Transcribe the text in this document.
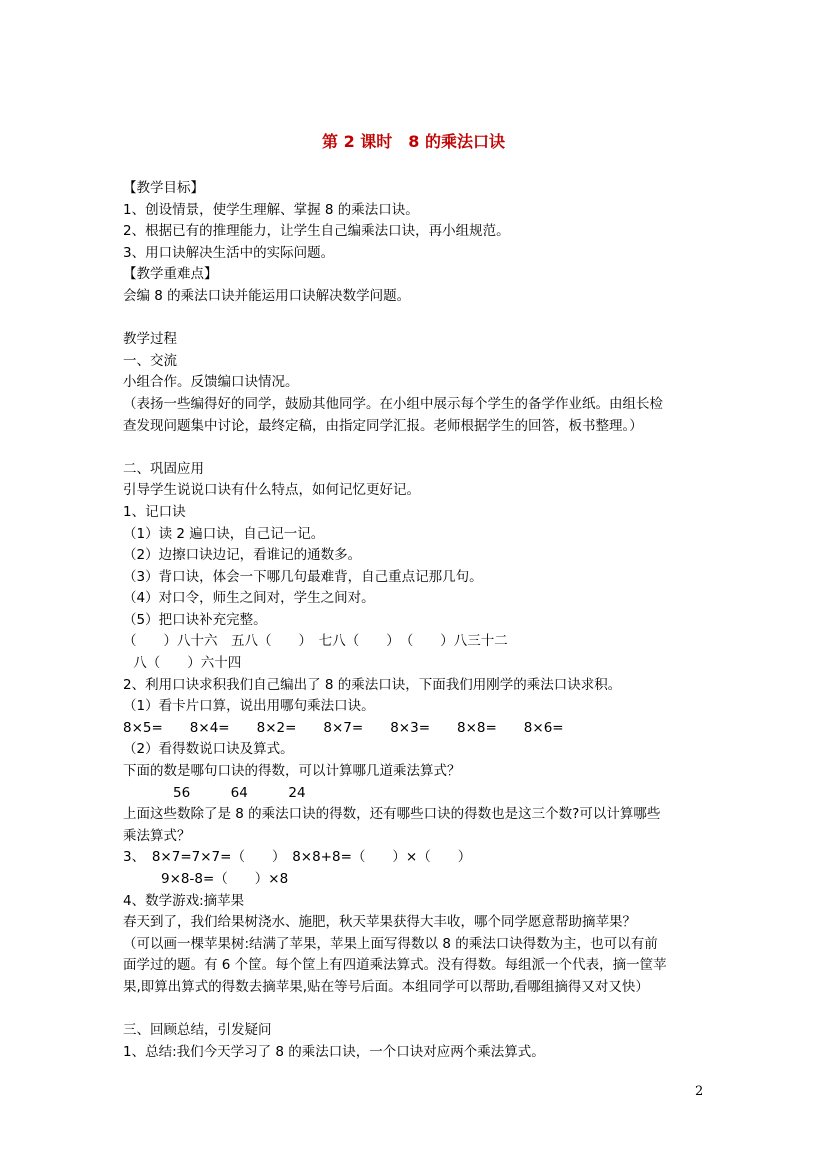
第 2 课时　8 的乘法口诀

【教学目标】

1、创设情景，使学生理解、掌握 8 的乘法口诀。

2、根据已有的推理能力，让学生自己编乘法口诀，再小组规范。

3、用口诀解决生活中的实际问题。

【教学重难点】

会编 8 的乘法口诀并能运用口诀解决数学问题。

教学过程

一、交流

小组合作。反馈编口诀情况。

（表扬一些编得好的同学，鼓励其他同学。在小组中展示每个学生的备学作业纸。由组长检

查发现问题集中讨论，最终定稿，由指定同学汇报。老师根据学生的回答，板书整理。）

二、巩固应用

引导学生说说口诀有什么特点，如何记忆更好记。

1、记口诀

（1）读 2 遍口诀，自己记一记。

（2）边擦口诀边记，看谁记的通数多。

（3）背口诀，体会一下哪几句最难背，自己重点记那几句。

（4）对口令，师生之间对，学生之间对。

（5）把口诀补充完整。

（　　）八十六　五八（　　）　七八（　　）　（　　）八三十二

八（　　）六十四

2、利用口诀求积我们自己编出了 8 的乘法口诀，下面我们用刚学的乘法口诀求积。

（1）看卡片口算，说出用哪句乘法口诀。

8×5=　　8×4=　　8×2=　　8×7=　　8×3=　　8×8=　　8×6=

（2）看得数说口诀及算式。

下面的数是哪句口诀的得数，可以计算哪几道乘法算式？

56　　　64　　　24

上面这些数除了是 8 的乘法口诀的得数，还有哪些口诀的得数也是这三个数?可以计算哪些

乘法算式？

3、　8×7=7×7=（　　）　8×8+8=（　　）×（　　）

9×8-8=（　　）×8

4、数学游戏:摘苹果

春天到了，我们给果树浇水、施肥，秋天苹果获得大丰收，哪个同学愿意帮助摘苹果？

（可以画一棵苹果树:结满了苹果，苹果上面写得数以 8 的乘法口诀得数为主，也可以有前

面学过的题。有 6 个筐。每个筐上有四道乘法算式。没有得数。每组派一个代表，摘一筐苹

果,即算出算式的得数去摘苹果,贴在等号后面。本组同学可以帮助,看哪组摘得又对又快）

三、回顾总结，引发疑问

1、总结:我们今天学习了 8 的乘法口诀，一个口诀对应两个乘法算式。

2
